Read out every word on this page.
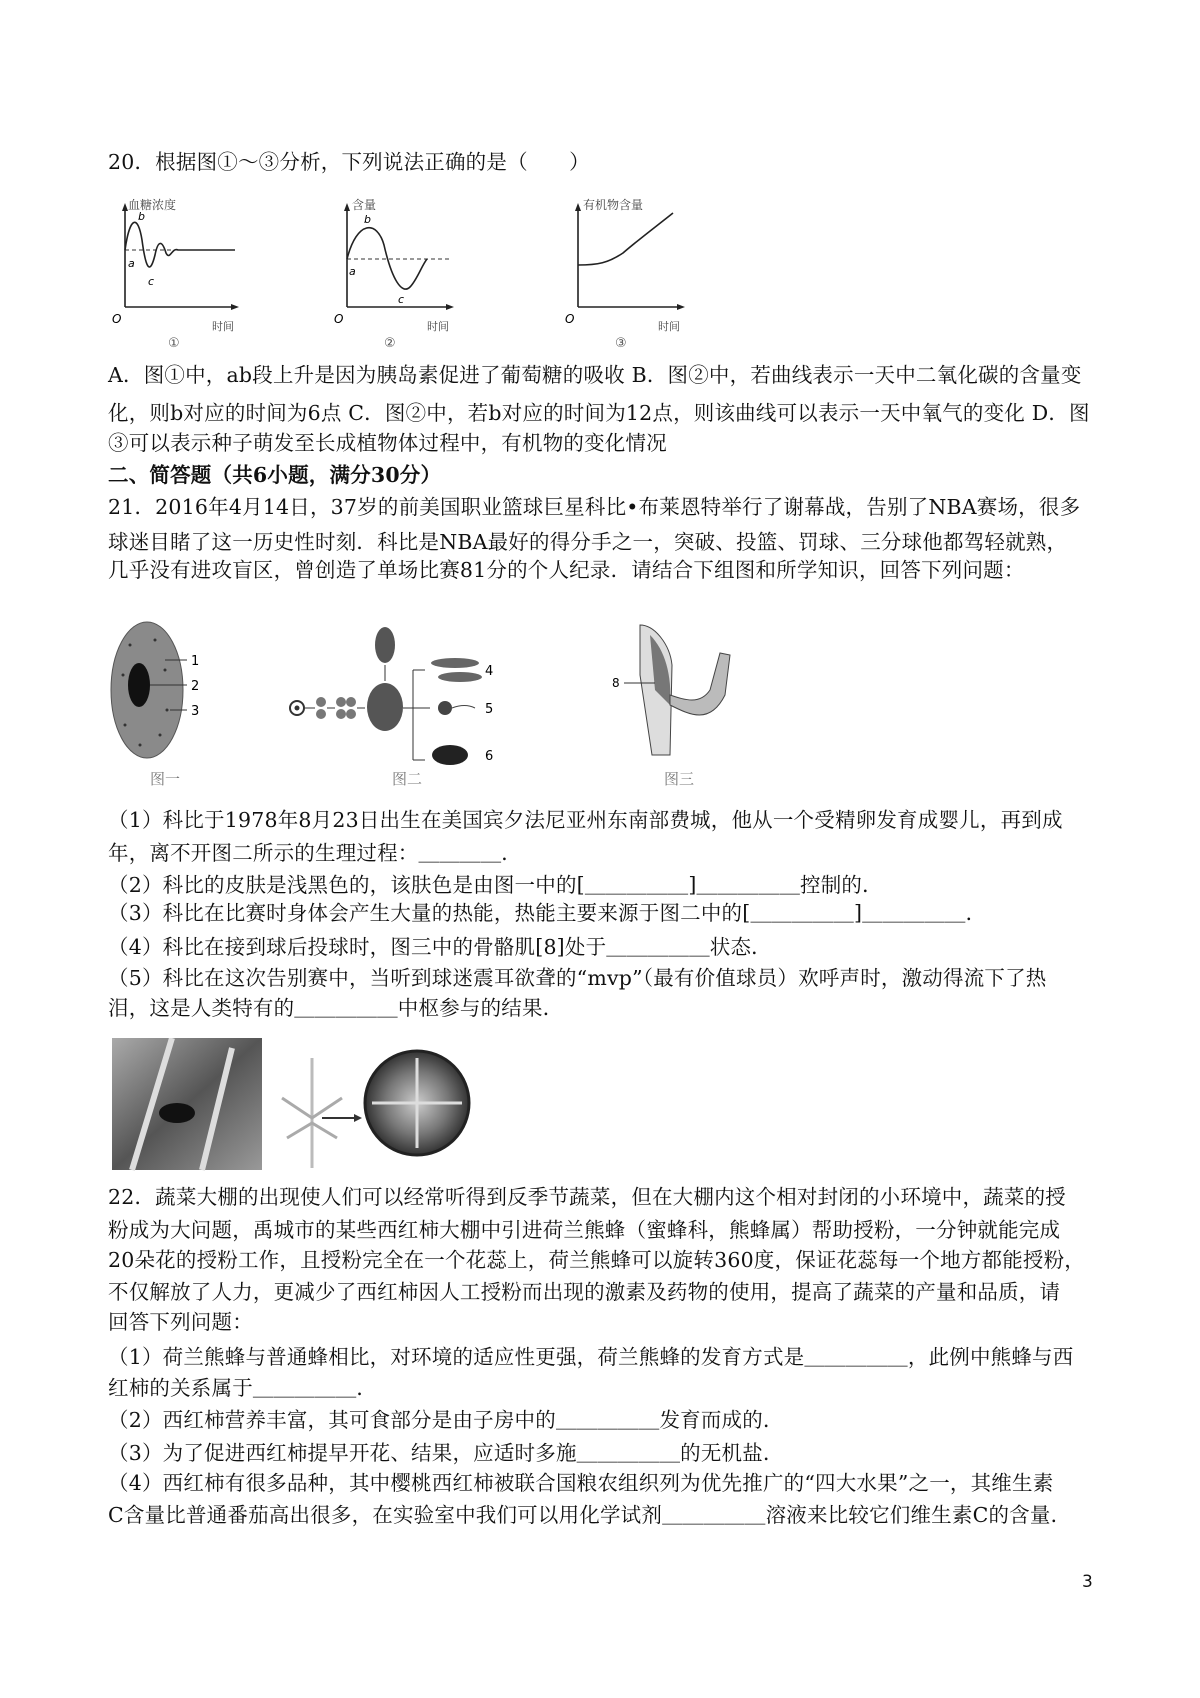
20．根据图①～③分析，下列说法正确的是（　　）
血糖浓度
b
a
c
O
时间
①
含量
b
a
c
O
时间
②
有机物含量
O
时间
③
A．图①中，ab段上升是因为胰岛素促进了葡萄糖的吸收 B．图②中，若曲线表示一天中二氧化碳的含量变
化，则b对应的时间为6点 C．图②中，若b对应的时间为12点，则该曲线可以表示一天中氧气的变化 D．图
③可以表示种子萌发至长成植物体过程中，有机物的变化情况
二、简答题（共6小题，满分30分）
21．2016年4月14日，37岁的前美国职业篮球巨星科比•布莱恩特举行了谢幕战，告别了NBA赛场，很多
球迷目睹了这一历史性时刻．科比是NBA最好的得分手之一，突破、投篮、罚球、三分球他都驾轻就熟，
几乎没有进攻盲区，曾创造了单场比赛81分的个人纪录．请结合下组图和所学知识，回答下列问题：
1
2
3
图一
4
5
6
图二
8
图三
（1）科比于1978年8月23日出生在美国宾夕法尼亚州东南部费城，他从一个受精卵发育成婴儿，再到成
年，离不开图二所示的生理过程：＿＿＿＿．
（2）科比的皮肤是浅黑色的，该肤色是由图一中的[＿＿＿＿＿]＿＿＿＿＿控制的．
（3）科比在比赛时身体会产生大量的热能，热能主要来源于图二中的[＿＿＿＿＿]＿＿＿＿＿．
（4）科比在接到球后投球时，图三中的骨骼肌[8]处于＿＿＿＿＿状态．
（5）科比在这次告别赛中，当听到球迷震耳欲聋的“mvp”（最有价值球员）欢呼声时，激动得流下了热
泪，这是人类特有的＿＿＿＿＿中枢参与的结果．
22．蔬菜大棚的出现使人们可以经常听得到反季节蔬菜，但在大棚内这个相对封闭的小环境中，蔬菜的授
粉成为大问题，禹城市的某些西红柿大棚中引进荷兰熊蜂（蜜蜂科，熊蜂属）帮助授粉，一分钟就能完成
20朵花的授粉工作，且授粉完全在一个花蕊上，荷兰熊蜂可以旋转360度，保证花蕊每一个地方都能授粉，
不仅解放了人力，更减少了西红柿因人工授粉而出现的激素及药物的使用，提高了蔬菜的产量和品质，请
回答下列问题：
（1）荷兰熊蜂与普通蜂相比，对环境的适应性更强，荷兰熊蜂的发育方式是＿＿＿＿＿，此例中熊蜂与西
红柿的关系属于＿＿＿＿＿．
（2）西红柿营养丰富，其可食部分是由子房中的＿＿＿＿＿发育而成的．
（3）为了促进西红柿提早开花、结果，应适时多施＿＿＿＿＿的无机盐．
（4）西红柿有很多品种，其中樱桃西红柿被联合国粮农组织列为优先推广的“四大水果”之一，其维生素
C含量比普通番茄高出很多，在实验室中我们可以用化学试剂＿＿＿＿＿溶液来比较它们维生素C的含量．
3
